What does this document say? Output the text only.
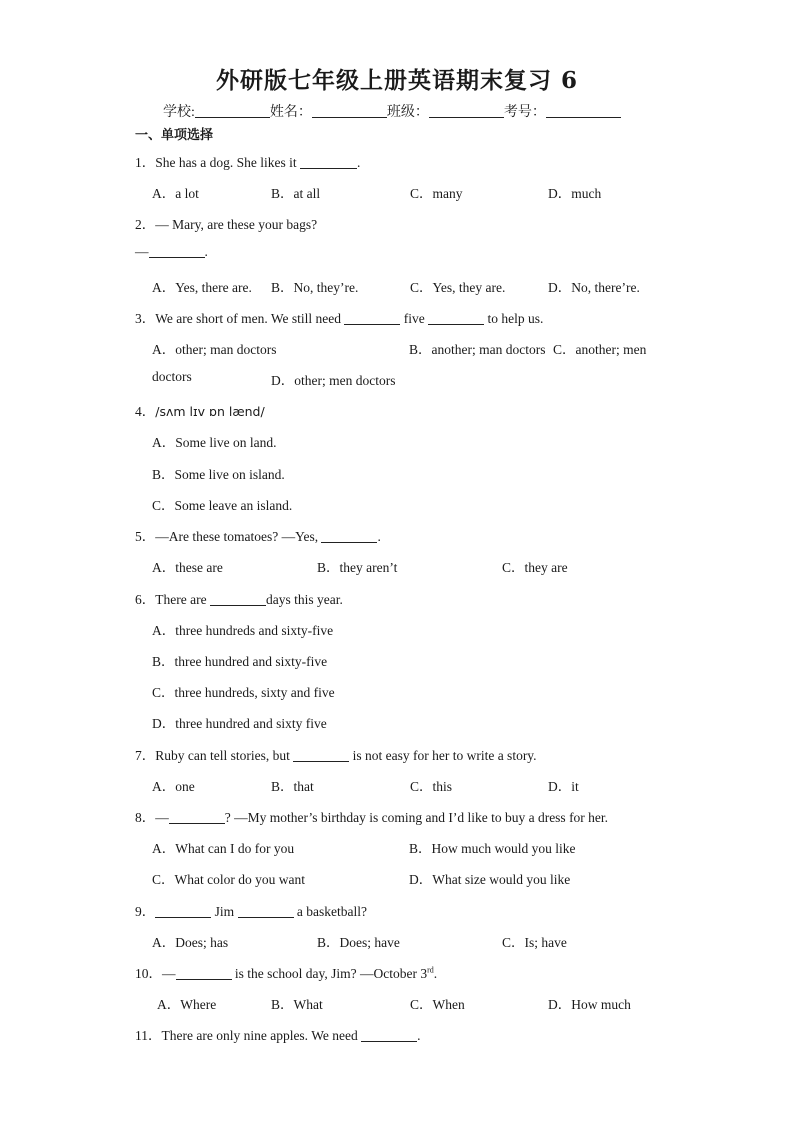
外研版七年级上册英语期末复习 6
学校:	姓名：	班级：	考号：
一、单项选择
1．She has a dog. She likes it	.
A．a lot	B．at all	C．many	D．much
2．— Mary, are these your bags?
—	.
A．Yes, there are. B．No, they’re.	C．Yes, they are.	D．No, there’re.
3．We are short of men. We still need	five	to help us.
A．other; man doctors	B．another; man doctors C．another; men
doctors	D．other; men doctors
4．/sʌm lɪv ɒn lænd/
A．Some live on land.
B．Some live on island.
C．Some leave an island.
5．—Are these tomatoes? —Yes,	.
A．these are	B．they aren’t	C．they are
6．There are	days this year.
A．three hundreds and sixty-five
B．three hundred and sixty-five
C．three hundreds, sixty and five
D．three hundred and sixty five
7．Ruby can tell stories, but	is not easy for her to write a story.
A．one	B．that	C．this	D．it
8．—	? —My mother’s birthday is coming and I’d like to buy a dress for her.
A．What can I do for you	B．How much would you like
C．What color do you want	D．What size would you like
9．	Jim	a basketball?
A．Does; has	B．Does; have	C．Is; have
10．—	is the school day, Jim? —October 3rd.
A．Where	B．What	C．When	D．How much
11．There are only nine apples. We need	.
